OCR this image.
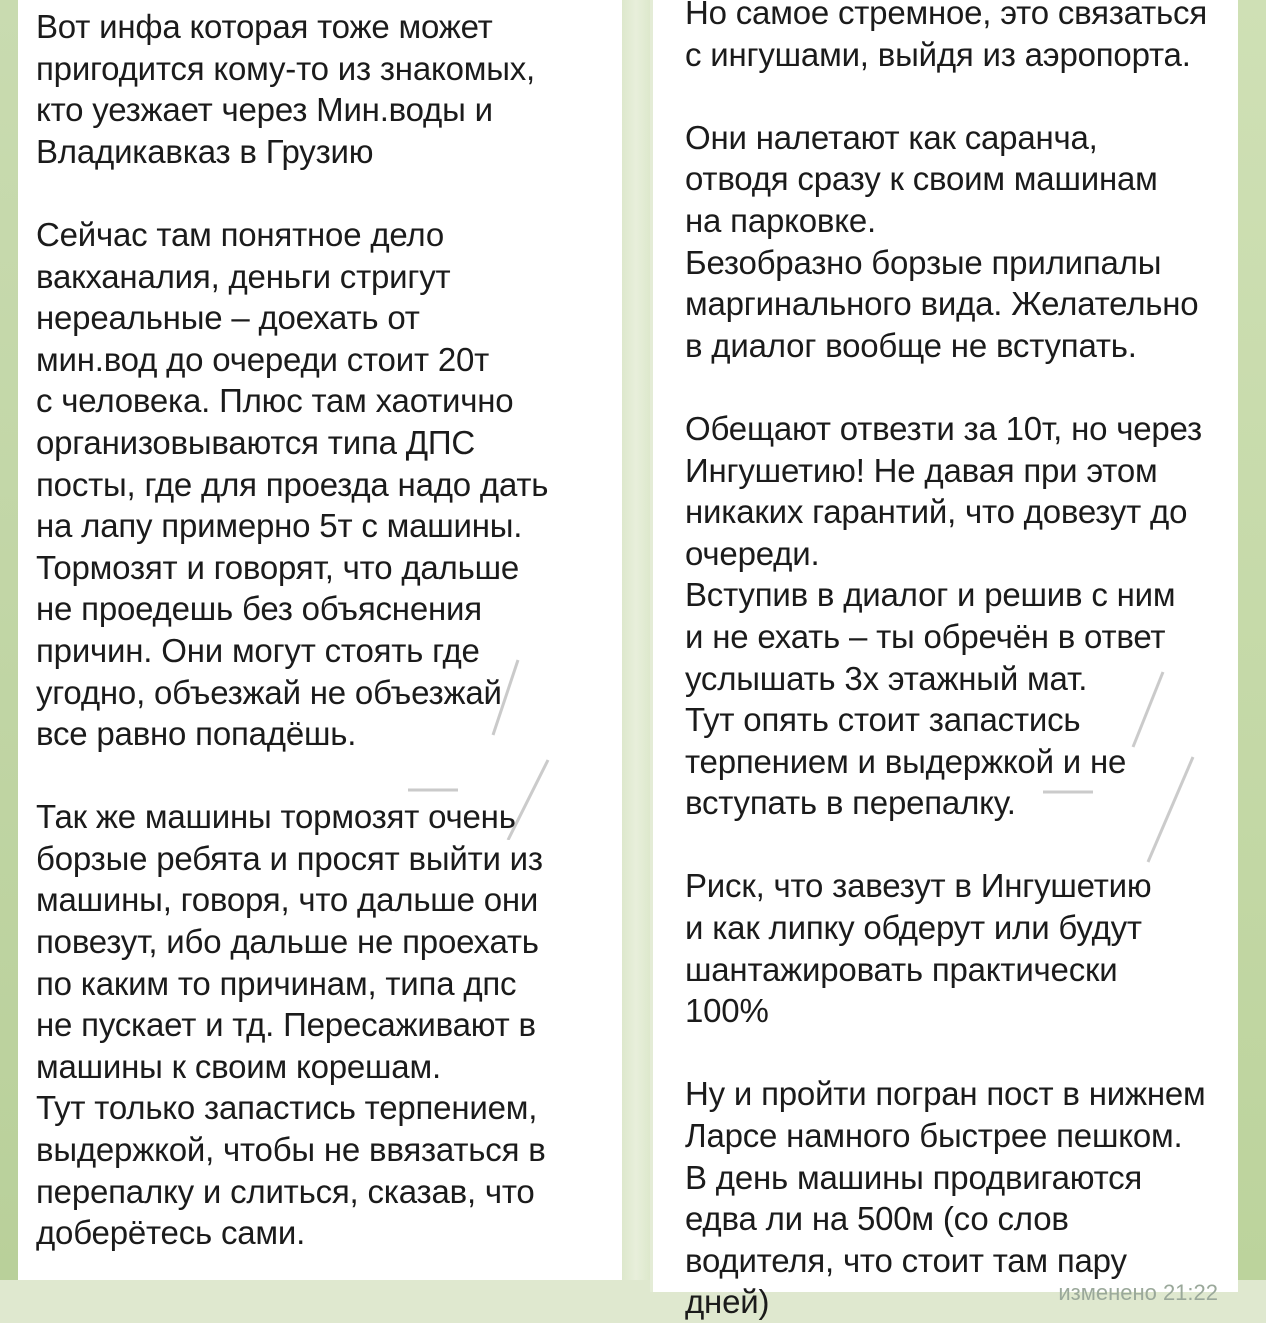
Вот инфа которая тоже может
пригодится кому-то из знакомых,
кто уезжает через Мин.воды и
Владикавказ в Грузию

Сейчас там понятное дело
вакханалия, деньги стригут
нереальные – доехать от
мин.вод до очереди стоит 20т
с человека. Плюс там хаотично
организовываются типа ДПС
посты, где для проезда надо дать
на лапу примерно 5т с машины.
Тормозят и говорят, что дальше
не проедешь без объяснения
причин. Они могут стоять где
угодно, объезжай не объезжай
все равно попадёшь.

Так же машины тормозят очень
борзые ребята и просят выйти из
машины, говоря, что дальше они
повезут, ибо дальше не проехать
по каким то причинам, типа дпс
не пускает и тд. Пересаживают в
машины к своим корешам.
Тут только запастись терпением,
выдержкой, чтобы не ввязаться в
перепалку и слиться, сказав, что
доберётесь сами.

Но самое стремное, это связаться
с ингушами, выйдя из аэропорта.

Они налетают как саранча,
отводя сразу к своим машинам
на парковке.
Безобразно борзые прилипалы
маргинального вида. Желательно
в диалог вообще не вступать.

Обещают отвезти за 10т, но через
Ингушетию! Не давая при этом
никаких гарантий, что довезут до
очереди.
Вступив в диалог и решив с ним
и не ехать – ты обречён в ответ
услышать 3х этажный мат.
Тут опять стоит запастись
терпением и выдержкой и не
вступать в перепалку.

Риск, что завезут в Ингушетию
и как липку обдерут или будут
шантажировать практически
100%

Ну и пройти погран пост в нижнем
Ларсе намного быстрее пешком.
В день машины продвигаются
едва ли на 500м (со слов
водителя, что стоит там пару
дней)	изменено 21:22
